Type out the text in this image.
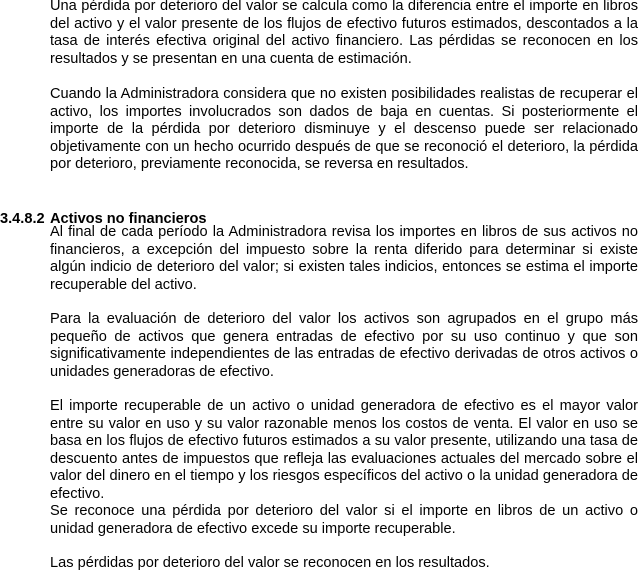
Una pérdida por deterioro del valor se calcula como la diferencia entre el importe en libros del activo y el valor presente de los flujos de efectivo futuros estimados, descontados a la tasa de interés efectiva original del activo financiero. Las pérdidas se reconocen en los resultados y se presentan en una cuenta de estimación.

Cuando la Administradora considera que no existen posibilidades realistas de recuperar el activo, los importes involucrados son dados de baja en cuentas. Si posteriormente el importe de la pérdida por deterioro disminuye y el descenso puede ser relacionado objetivamente con un hecho ocurrido después de que se reconoció el deterioro, la pérdida por deterioro, previamente reconocida, se reversa en resultados.

3.4.8.2 Activos no financieros

Al final de cada período la Administradora revisa los importes en libros de sus activos no financieros, a excepción del impuesto sobre la renta diferido para determinar si existe algún indicio de deterioro del valor; si existen tales indicios, entonces se estima el importe recuperable del activo.

Para la evaluación de deterioro del valor los activos son agrupados en el grupo más pequeño de activos que genera entradas de efectivo por su uso continuo y que son significativamente independientes de las entradas de efectivo derivadas de otros activos o unidades generadoras de efectivo.

El importe recuperable de un activo o unidad generadora de efectivo es el mayor valor entre su valor en uso y su valor razonable menos los costos de venta. El valor en uso se basa en los flujos de efectivo futuros estimados a su valor presente, utilizando una tasa de descuento antes de impuestos que refleja las evaluaciones actuales del mercado sobre el valor del dinero en el tiempo y los riesgos específicos del activo o la unidad generadora de efectivo.

Se reconoce una pérdida por deterioro del valor si el importe en libros de un activo o unidad generadora de efectivo excede su importe recuperable.

Las pérdidas por deterioro del valor se reconocen en los resultados.
